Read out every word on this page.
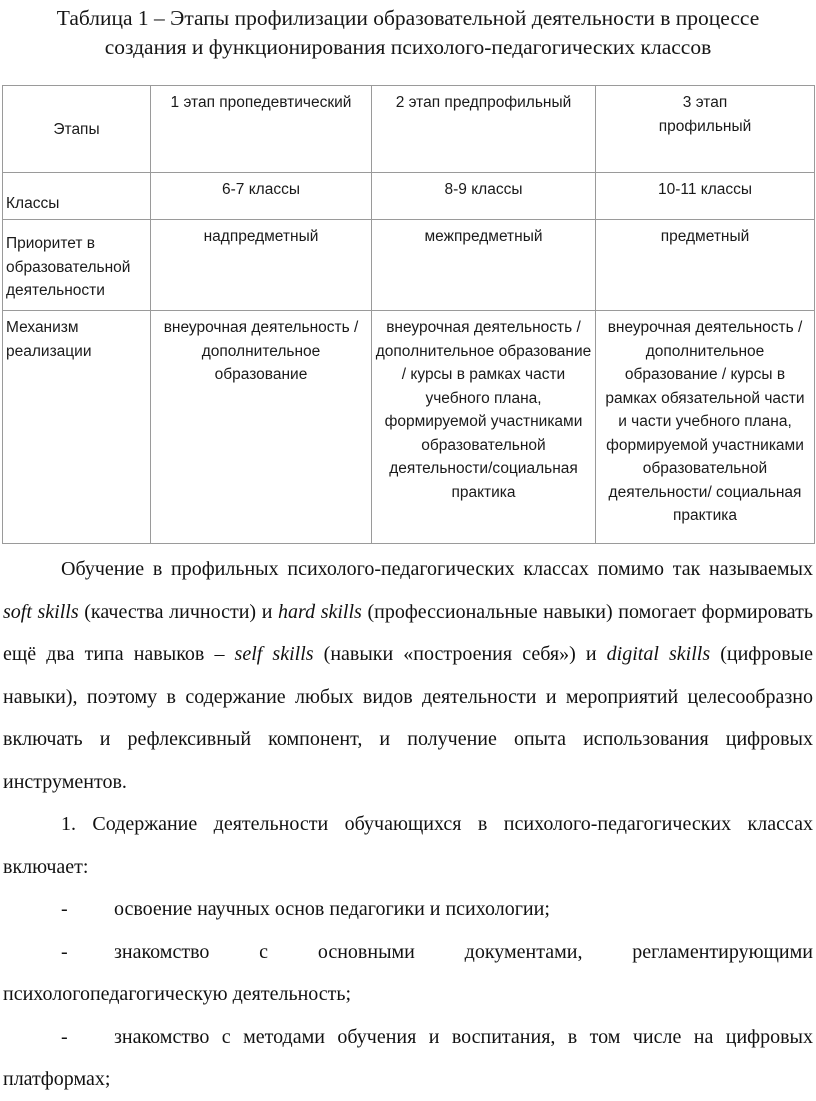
Таблица 1 – Этапы профилизации образовательной деятельности в процессе
создания и функционирования психолого-педагогических классов
Этапы	1 этап пропедевтический	2 этап предпрофильный	3 этап
профильный

Классы	6-7 классы	8-9 классы	10-11 классы
Приоритет в образовательной деятельности	надпредметный	межпредметный	предметный
Механизм реализации	внеурочная деятельность / дополнительное образование	внеурочная деятельность / дополнительное образование / курсы в рамках части учебного плана, формируемой участниками образовательной деятельности/социальная практика	внеурочная деятельность / дополнительное образование / курсы в рамках обязательной части и части учебного плана, формируемой участниками образовательной деятельности/ социальная практика

Обучение в профильных психолого-педагогических классах помимо так называемых soft skills (качества личности) и hard skills (профессиональные навыки) помогает формировать ещё два типа навыков – self skills (навыки «построения себя») и digital skills (цифровые навыки), поэтому в содержание любых видов деятельности и мероприятий целесообразно включать и рефлексивный компонент, и получение опыта использования цифровых инструментов.

1. Содержание деятельности обучающихся в психолого-педагогических классах включает:

- освоение научных основ педагогики и психологии;

- знакомство с основными документами, регламентирующими психологопедагогическую деятельность;

- знакомство с методами обучения и воспитания, в том числе на цифровых платформах;
